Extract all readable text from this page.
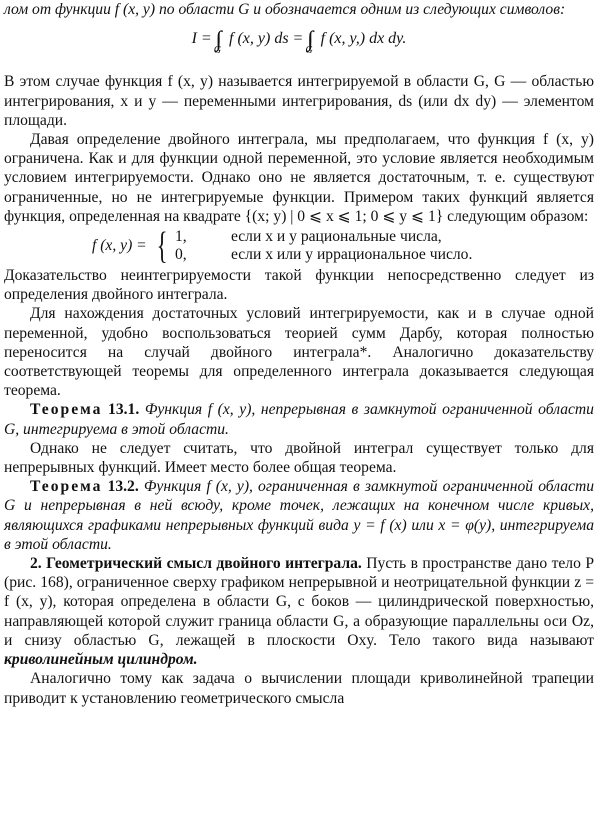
лом от функции f (x, y) по области G и обозначается одним из следующих символов:

$I = \int\int_G$ f (x, y) ds = $\int\int_G$ f (x, y,) dx dy.

В этом случае функция f (x, y) называется интегрируемой в области G, G — областью интегрирования, x и y — переменными интегрирования, ds (или dx dy) — элементом площади.

Давая определение двойного интеграла, мы предполагаем, что функция f (x, y) ограничена. Как и для функции одной переменной, это условие является необходимым условием интегрируемости. Однако оно не является достаточным, т. е. существуют ограниченные, но не интегрируемые функции. Примером таких функций является функция, определенная на квадрате {(x; y) | 0 ⩽ x ⩽ 1; 0 ⩽ y ⩽ 1} следующим образом:

f (x, y) = { 1,	если x и y рациональные числа,
0,	если x или y иррациональное число.

Доказательство неинтегрируемости такой функции непосредственно следует из определения двойного интеграла.

Для нахождения достаточных условий интегрируемости, как и в случае одной переменной, удобно воспользоваться теорией сумм Дарбу, которая полностью переносится на случай двойного интеграла*. Аналогично доказательству соответствующей теоремы для определенного интеграла доказывается следующая теорема.

Теорема 13.1. Функция f (x, y), непрерывная в замкнутой ограниченной области G, интегрируема в этой области.

Однако не следует считать, что двойной интеграл существует только для непрерывных функций. Имеет место более общая теорема.

Теорема 13.2. Функция f (x, y), ограниченная в замкнутой ограниченной области G и непрерывная в ней всюду, кроме точек, лежащих на конечном числе кривых, являющихся графиками непрерывных функций вида y = f (x) или x = φ(y), интегрируема в этой области.

2. Геометрический смысл двойного интеграла. Пусть в пространстве дано тело P (рис. 168), ограниченное сверху графиком непрерывной и неотрицательной функции z = f (x, y), которая определена в области G, с боков — цилиндрической поверхностью, направляющей которой служит граница области G, а образующие параллельны оси Oz, и снизу областью G, лежащей в плоскости Oxy. Тело такого вида называют криволинейным цилиндром.

Аналогично тому как задача о вычислении площади криволинейной трапеции приводит к установлению геометрического смысла
